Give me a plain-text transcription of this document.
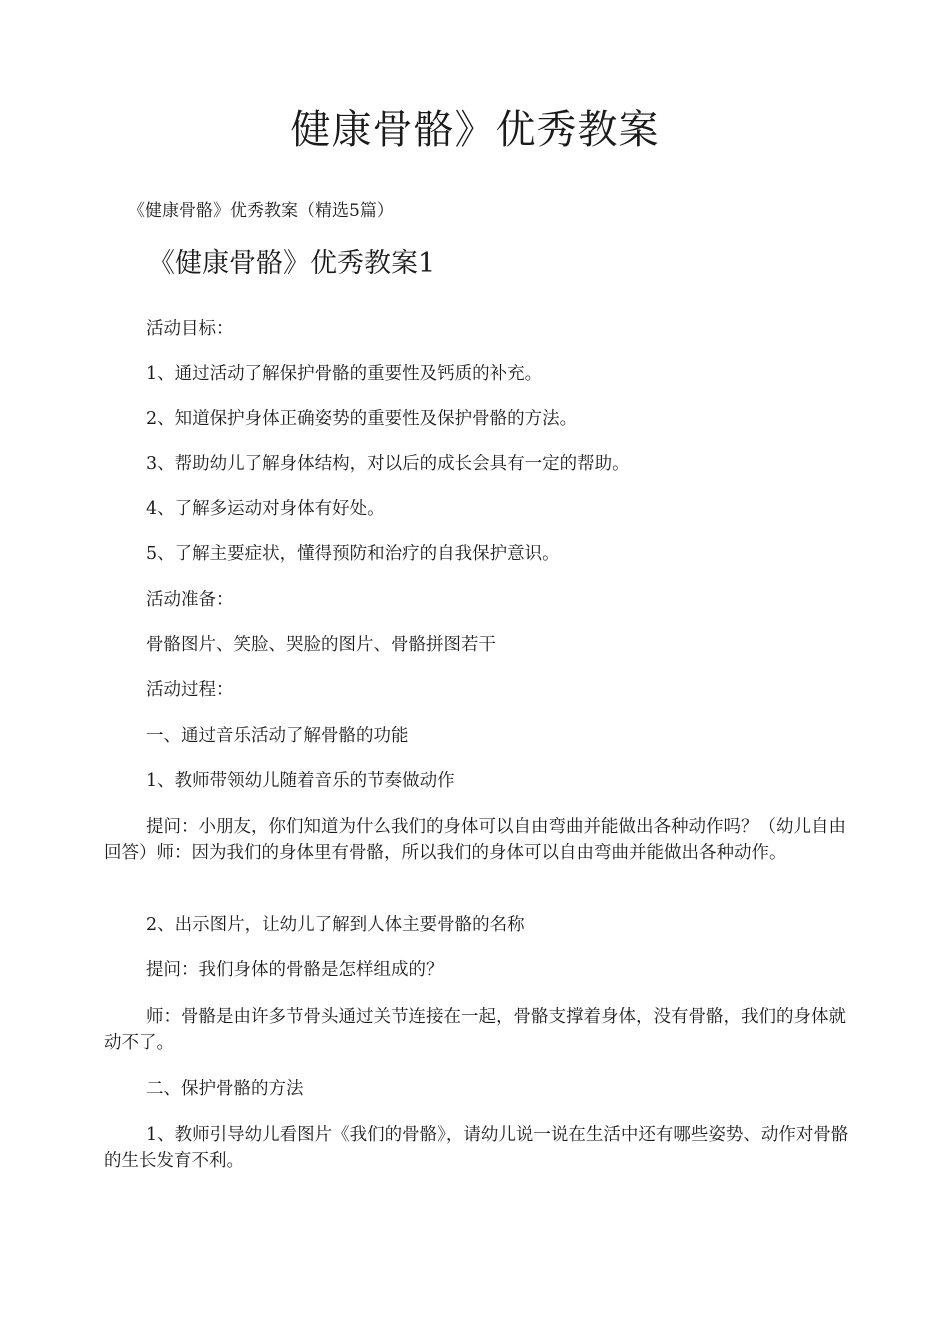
健康骨骼》优秀教案
《健康骨骼》优秀教案（精选5篇）
《健康骨骼》优秀教案1
活动目标：
1、通过活动了解保护骨骼的重要性及钙质的补充。
2、知道保护身体正确姿势的重要性及保护骨骼的方法。
3、帮助幼儿了解身体结构，对以后的成长会具有一定的帮助。
4、了解多运动对身体有好处。
5、了解主要症状，懂得预防和治疗的自我保护意识。
活动准备：
骨骼图片、笑脸、哭脸的图片、骨骼拼图若干
活动过程：
一、通过音乐活动了解骨骼的功能
1、教师带领幼儿随着音乐的节奏做动作
提问：小朋友，你们知道为什么我们的身体可以自由弯曲并能做出各种动作吗？（幼儿自由回答）师：因为我们的身体里有骨骼，所以我们的身体可以自由弯曲并能做出各种动作。
2、出示图片，让幼儿了解到人体主要骨骼的名称
提问：我们身体的骨骼是怎样组成的？
师：骨骼是由许多节骨头通过关节连接在一起，骨骼支撑着身体，没有骨骼，我们的身体就动不了。
二、保护骨骼的方法
1、教师引导幼儿看图片《我们的骨骼》，请幼儿说一说在生活中还有哪些姿势、动作对骨骼的生长发育不利。
